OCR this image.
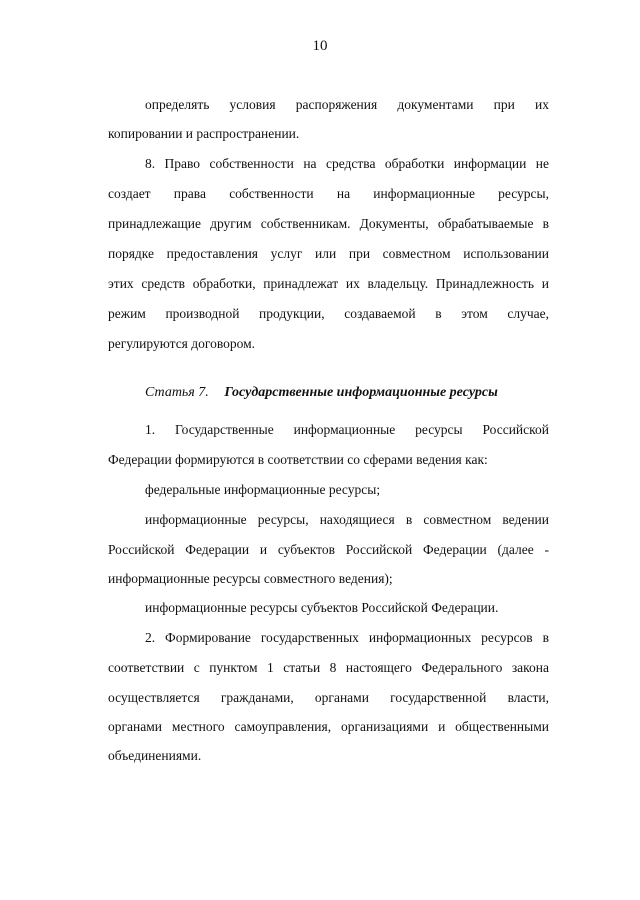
10
определять условия распоряжения документами при их
копировании и распространении.
8. Право собственности на средства обработки информации не
создает права собственности на информационные ресурсы,
принадлежащие другим собственникам. Документы, обрабатываемые в
порядке предоставления услуг или при совместном использовании
этих средств обработки, принадлежат их владельцу. Принадлежность и
режим производной продукции, создаваемой в этом случае,
регулируются договором.
Статья 7. Государственные информационные ресурсы
1. Государственные информационные ресурсы Российской
Федерации формируются в соответствии со сферами ведения как:
федеральные информационные ресурсы;
информационные ресурсы, находящиеся в совместном ведении
Российской Федерации и субъектов Российской Федерации (далее -
информационные ресурсы совместного ведения);
информационные ресурсы субъектов Российской Федерации.
2. Формирование государственных информационных ресурсов в
соответствии с пунктом 1 статьи 8 настоящего Федерального закона
осуществляется гражданами, органами государственной власти,
органами местного самоуправления, организациями и общественными
объединениями.
